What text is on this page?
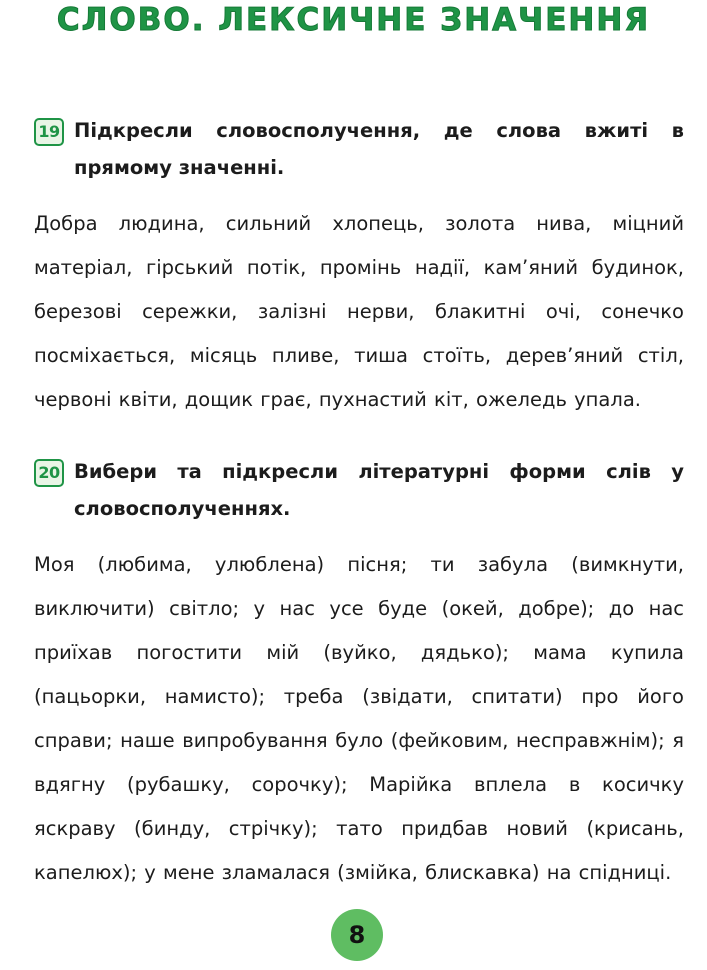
СЛОВО. ЛЕКСИЧНЕ ЗНАЧЕННЯ
19 Підкресли словосполучення, де слова вжиті в прямому значенні.
Добра людина, сильний хлопець, золота нива, міцний матеріал, гірський потік, промінь надії, кам’яний будинок, березові сережки, залізні нерви, блакитні очі, сонечко посміхається, місяць пливе, тиша стоїть, дерев’яний стіл, червоні квіти, дощик грає, пухнастий кіт, ожеледь упала.
20 Вибери та підкресли літературні форми слів у словосполученнях.
Моя (любима, улюблена) пісня; ти забула (вимкнути, виключити) світло; у нас усе буде (окей, добре); до нас приїхав погостити мій (вуйко, дядько); мама купила (пацьорки, намисто); треба (звідати, спитати) про його справи; наше випробування було (фейковим, несправжнім); я вдягну (рубашку, сорочку); Марійка вплела в косичку яскраву (бинду, стрічку); тато придбав новий (крисань, капелюх); у мене зламалася (змійка, блискавка) на спідниці.
8
